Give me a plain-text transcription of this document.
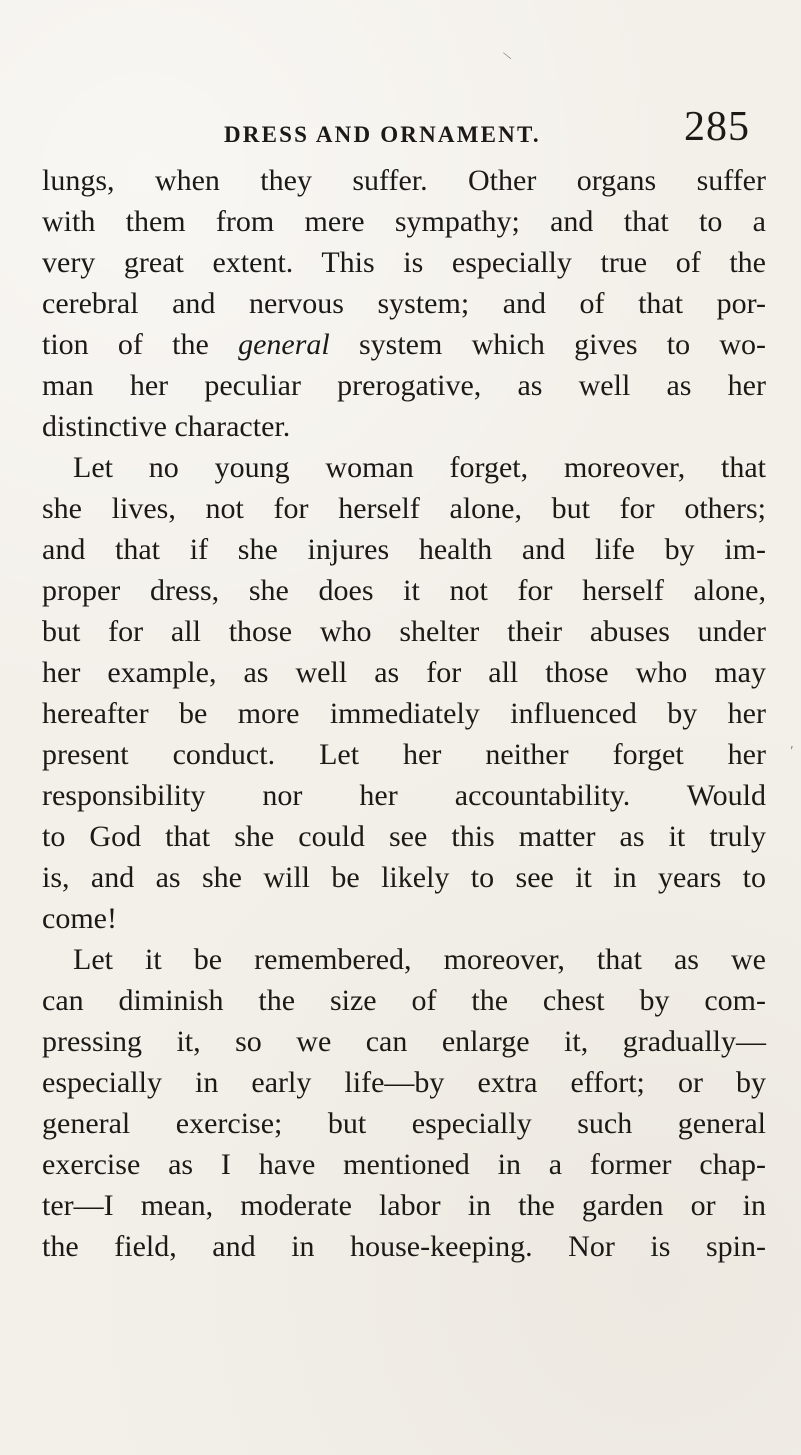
\
DRESS AND ORNAMENT.	285
lungs, when they suffer. Other organs suffer
with them from mere sympathy; and that to a
very great extent. This is especially true of the
cerebral and nervous system; and of that por-
tion of the general system which gives to wo-
man her peculiar prerogative, as well as her
distinctive character.
Let no young woman forget, moreover, that
she lives, not for herself alone, but for others;
and that if she injures health and life by im-
proper dress, she does it not for herself alone,
but for all those who shelter their abuses under
her example, as well as for all those who may
hereafter be more immediately influenced by her
present conduct. Let her neither forget her
responsibility nor her accountability. Would
to God that she could see this matter as it truly
is, and as she will be likely to see it in years to
come!
Let it be remembered, moreover, that as we
can diminish the size of the chest by com-
pressing it, so we can enlarge it, gradually—
especially in early life—by extra effort; or by
general exercise; but especially such general
exercise as I have mentioned in a former chap-
ter—I mean, moderate labor in the garden or in
the field, and in house-keeping. Nor is spin-
'
